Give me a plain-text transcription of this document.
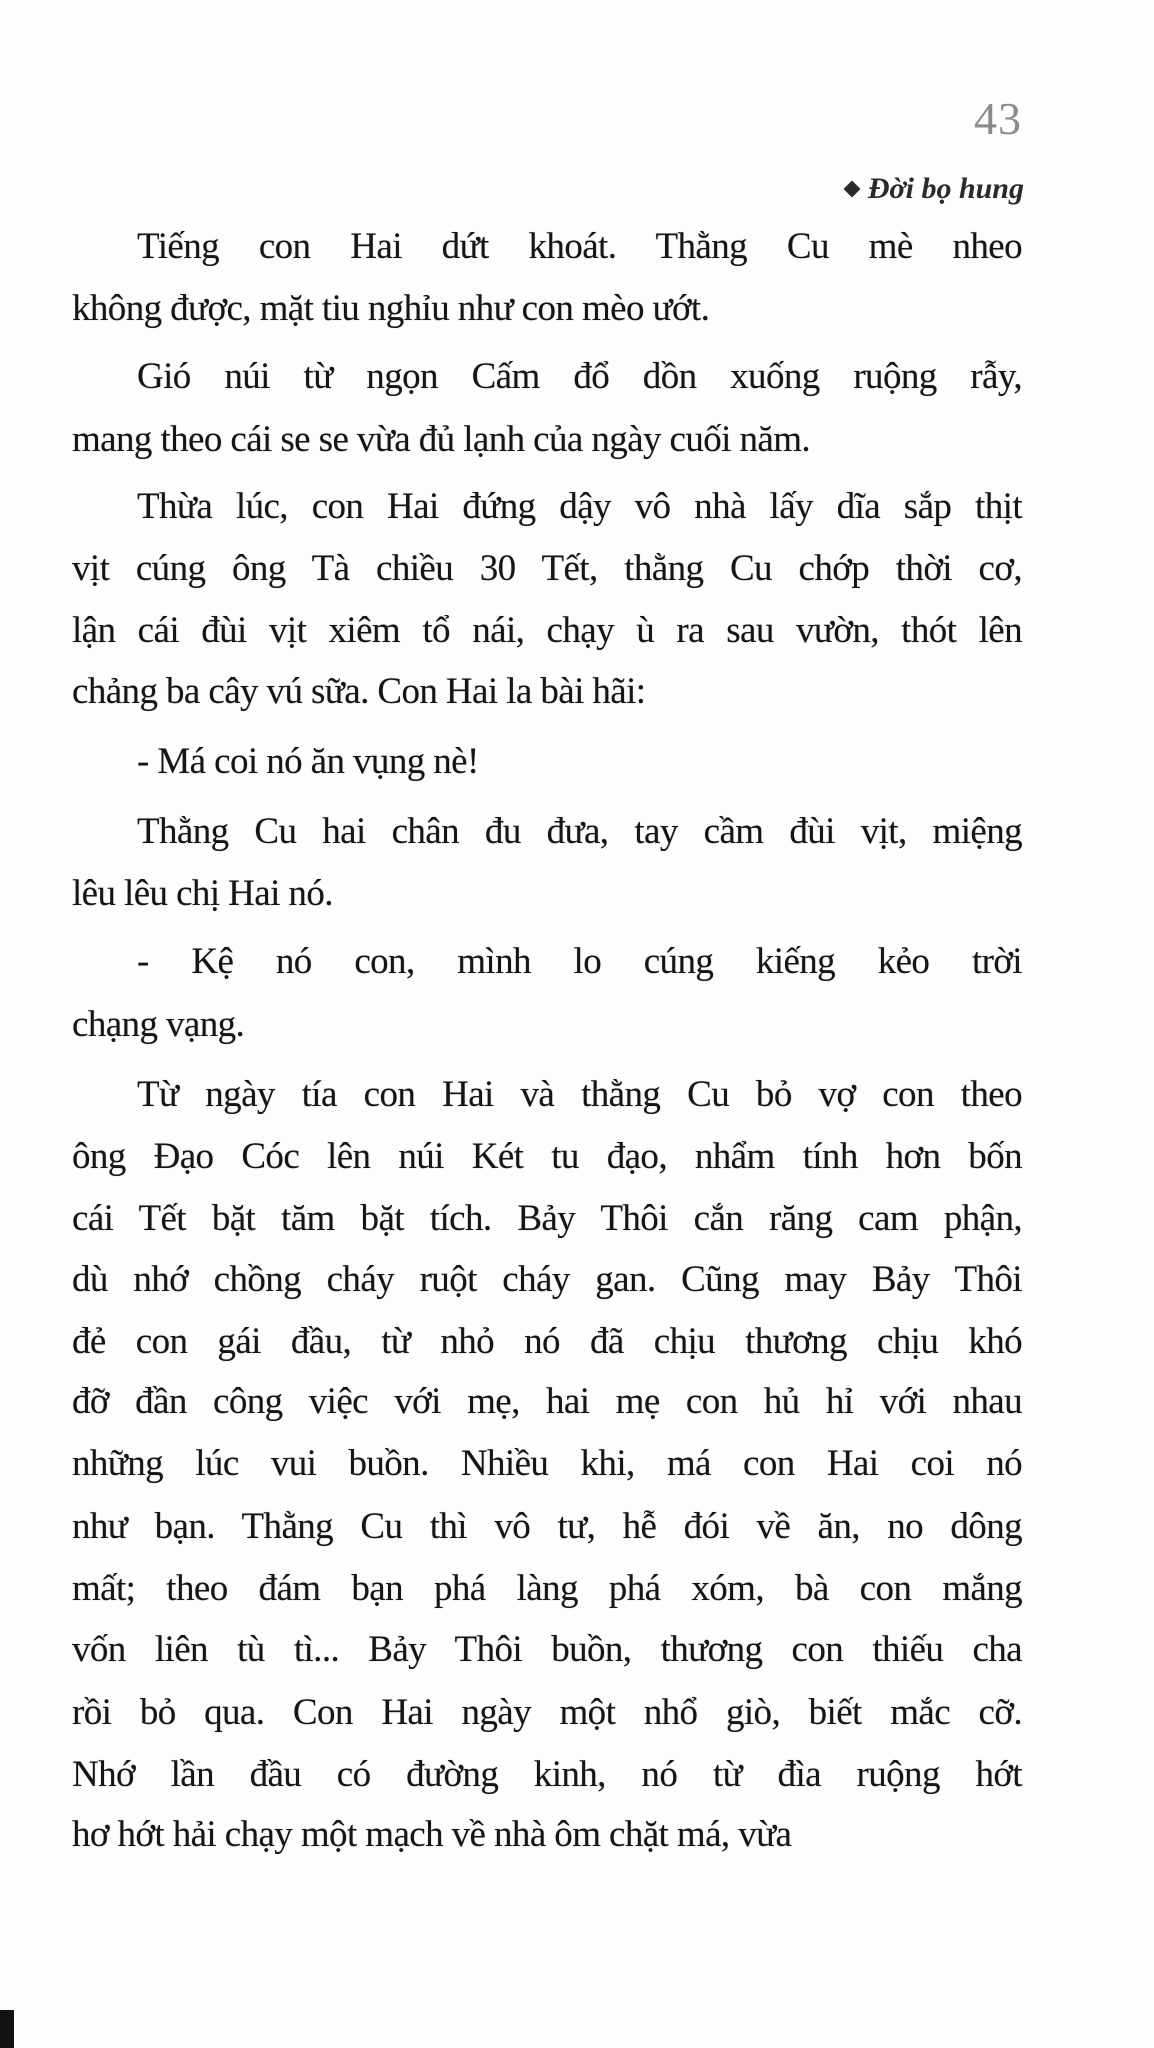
43
Đời bọ hung
Tiếng con Hai dứt khoát. Thằng Cu mè nheo
không được, mặt tiu nghỉu như con mèo ướt.
Gió núi từ ngọn Cấm đổ dồn xuống ruộng rẫy,
mang theo cái se se vừa đủ lạnh của ngày cuối năm.
Thừa lúc, con Hai đứng dậy vô nhà lấy dĩa sắp thịt
vịt cúng ông Tà chiều 30 Tết, thằng Cu chớp thời cơ,
lận cái đùi vịt xiêm tổ nái, chạy ù ra sau vườn, thót lên
chảng ba cây vú sữa. Con Hai la bài hãi:
- Má coi nó ăn vụng nè!
Thằng Cu hai chân đu đưa, tay cầm đùi vịt, miệng
lêu lêu chị Hai nó.
- Kệ nó con, mình lo cúng kiếng kẻo trời
chạng vạng.
Từ ngày tía con Hai và thằng Cu bỏ vợ con theo
ông Đạo Cóc lên núi Két tu đạo, nhẩm tính hơn bốn
cái Tết bặt tăm bặt tích. Bảy Thôi cắn răng cam phận,
dù nhớ chồng cháy ruột cháy gan. Cũng may Bảy Thôi
đẻ con gái đầu, từ nhỏ nó đã chịu thương chịu khó
đỡ đần công việc với mẹ, hai mẹ con hủ hỉ với nhau
những lúc vui buồn. Nhiều khi, má con Hai coi nó
như bạn. Thằng Cu thì vô tư, hễ đói về ăn, no dông
mất; theo đám bạn phá làng phá xóm, bà con mắng
vốn liên tù tì... Bảy Thôi buồn, thương con thiếu cha
rồi bỏ qua. Con Hai ngày một nhổ giò, biết mắc cỡ.
Nhớ lần đầu có đường kinh, nó từ đìa ruộng hớt
hơ hớt hải chạy một mạch về nhà ôm chặt má, vừa
